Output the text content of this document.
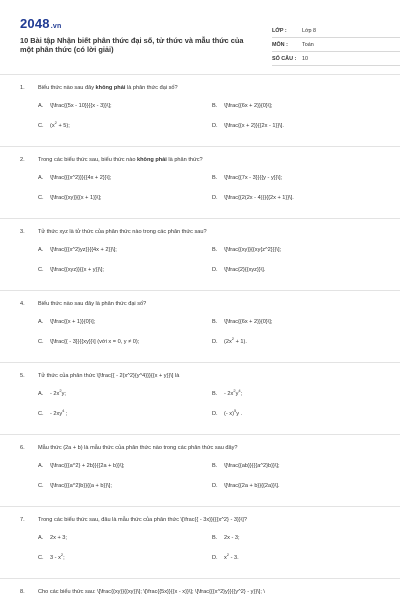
2048.vn
10 Bài tập Nhận biết phân thức đại số, tử thức và mẫu thức của một phân thức (có lời giải)
LỚP :	Lớp 8
MÔN :	Toán
SỐ CÂU : 10
1. Biểu thức nào sau đây không phải là phân thức đại số?
A. \[\frac{{5x - 10}}{{x - 3}}\];	B. \[\frac{{6x + 2}}{0}\];
C. $(x^2 + 5)$;	D. \[\frac{{x + 2}}{{2x - 1}}\].
2. Trong các biểu thức sau, biểu thức nào không phải là phân thức?
A. \[\frac{{{x^2}}}{{4x + 2}}\];	B. \[\frac{{7x - 3}}{{y - y}}\];
C. \[\frac{{xy}}{{x + 1}}\];	D. \[\frac{{2(2x - 4)}}{{2x + 1}}\].
3. Tử thức xyz là tử thức của phân thức nào trong các phân thức sau?
A. \[\frac{{{x^2}yz}}{{4x + 2}}\];	B. \[\frac{{xy}}{{xy{z^2}}}\];
C. \[\frac{{xyz}}{{x + y}}\];	D. \[\frac{2}{{xyz}}\].
4. Biểu thức nào sau đây là phân thức đại số?
A. \[\frac{{x + 1}}{0}\];	B. \[\frac{{6x + 2}}{0}\];
C. \[\frac{{ - 3}}{{xy}}\] (với x = 0, y ≠ 0);	D. $(2x^2 + 1)$.
5. Tử thức của phân thức \[\frac{{ - 2{x^2}{y^4}}}{{x + y}}\] là
A. - $2x^2y$;	B. - $2x^2y^4$;
C. - $2xy^4$ ;	D. (- x)$^5$y .
6. Mẫu thức (2a + b) là mẫu thức của phân thức nào trong các phân thức sau đây?
A. \[\frac{{{a^2} + 2b}}{{2a + b}}\];	B. \[\frac{{ab}}{{{a^2}b}}\];
C. \[\frac{{{a^2}b}}{{a + b}}\];	D. \[\frac{{2a + b}}{{2a}}\].
7. Trong các biểu thức sau, đâu là mẫu thức của phân thức \[\frac{{ - 3x}}{{{x^2} - 3}}\]?
A. 2x + 3;	B. 2x - 3;
C. $3 - x^2$;	D. $x^2 - 3$.
8. Cho các biểu thức sau: \[\frac{{xy}}{{xy}}\]; \[\frac{{5x}}{{x - x}}\]; \[\frac{{{x^2}y}}{{y^2} - y}}\]; \
